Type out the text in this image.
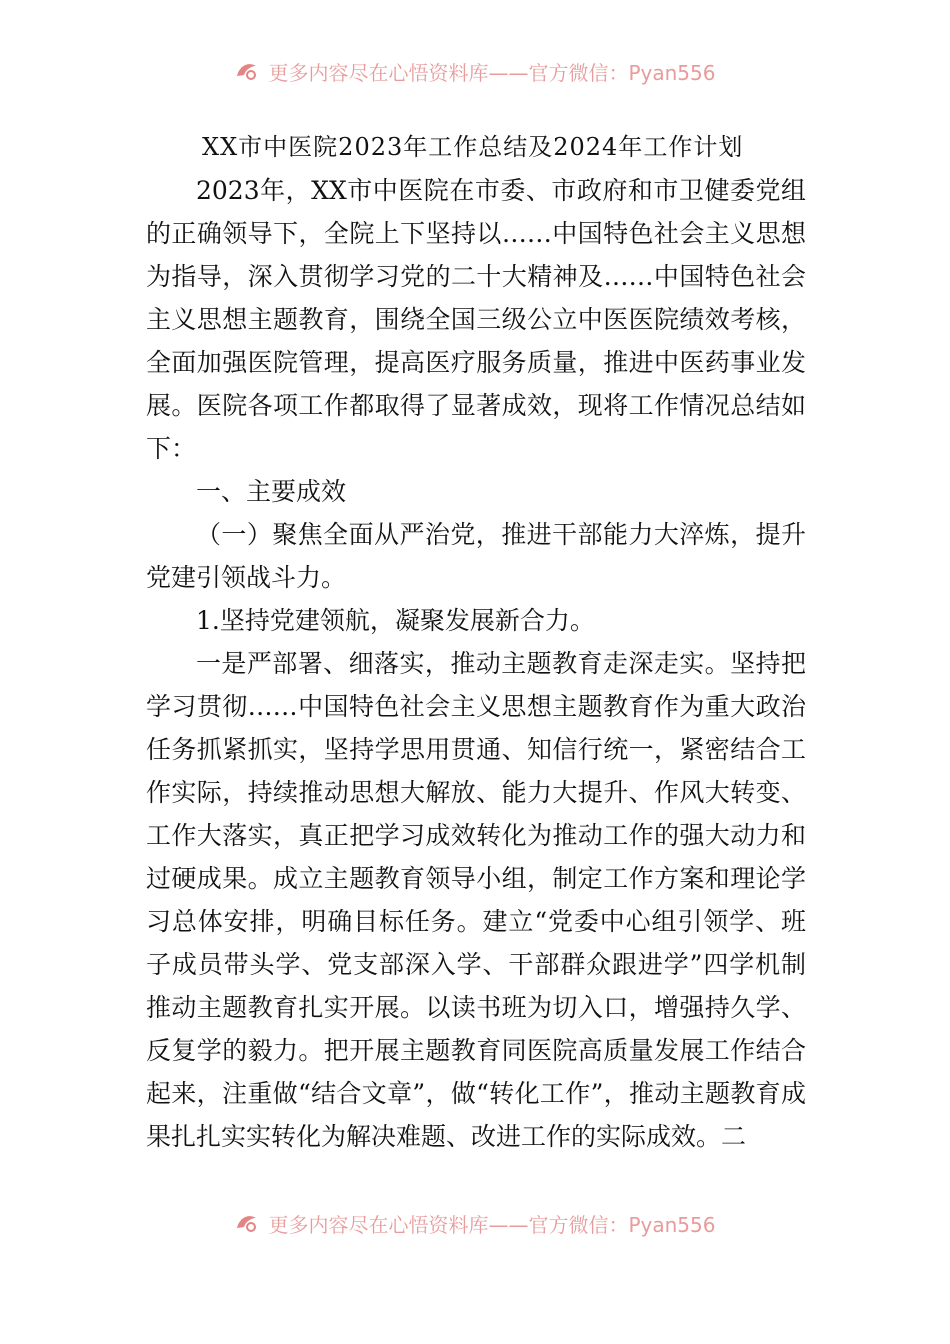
更多内容尽在心悟资料库——官方微信：Pyan556
XX市中医院2023年工作总结及2024年工作计划

2023年，XX市中医院在市委、市政府和市卫健委党组的正确领导下，全院上下坚持以……中国特色社会主义思想为指导，深入贯彻学习党的二十大精神及……中国特色社会主义思想主题教育，围绕全国三级公立中医医院绩效考核，全面加强医院管理，提高医疗服务质量，推进中医药事业发展。医院各项工作都取得了显著成效，现将工作情况总结如下：

一、主要成效

（一）聚焦全面从严治党，推进干部能力大淬炼，提升党建引领战斗力。

1.坚持党建领航，凝聚发展新合力。

一是严部署、细落实，推动主题教育走深走实。坚持把学习贯彻……中国特色社会主义思想主题教育作为重大政治任务抓紧抓实，坚持学思用贯通、知信行统一，紧密结合工作实际，持续推动思想大解放、能力大提升、作风大转变、工作大落实，真正把学习成效转化为推动工作的强大动力和过硬成果。成立主题教育领导小组，制定工作方案和理论学习总体安排，明确目标任务。建立“党委中心组引领学、班子成员带头学、党支部深入学、干部群众跟进学”四学机制推动主题教育扎实开展。以读书班为切入口，增强持久学、反复学的毅力。把开展主题教育同医院高质量发展工作结合起来，注重做“结合文章”，做“转化工作”，推动主题教育成果扎扎实实转化为解决难题、改进工作的实际成效。二

更多内容尽在心悟资料库——官方微信：Pyan556
